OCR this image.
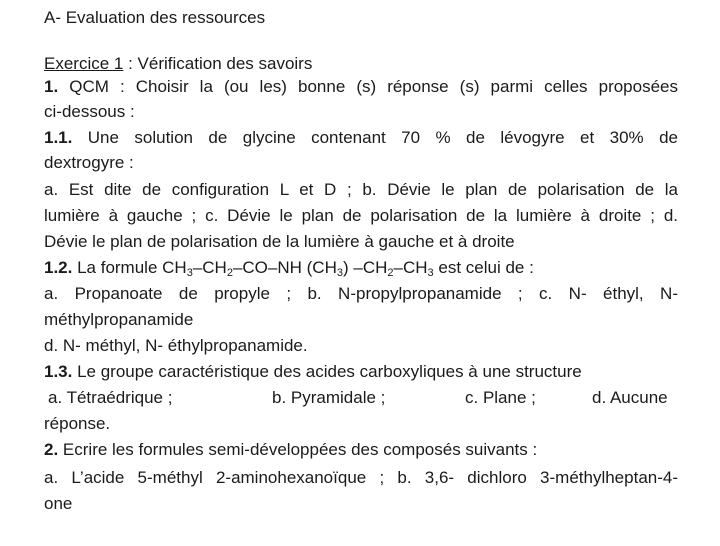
A- Evaluation des ressources
Exercice 1 : Vérification des savoirs
1. QCM : Choisir la (ou les) bonne (s) réponse (s) parmi celles proposées
ci-dessous :
1.1. Une solution de glycine contenant 70 % de lévogyre et 30% de
dextrogyre :
a. Est dite de configuration L et D ; b. Dévie le plan de polarisation de la
lumière à gauche ; c. Dévie le plan de polarisation de la lumière à droite ; d.
Dévie le plan de polarisation de la lumière à gauche et à droite
1.2. La formule $CH_3-CH_2-CO-NH$ $(CH_3)$ $-CH_2-CH_3$ est celui de :
a. Propanoate de propyle ; b. N-propylpropanamide ; c. N- éthyl, N-
méthylpropanamide
d. N- méthyl, N- éthylpropanamide.
1.3. Le groupe caractéristique des acides carboxyliques à une structure
a. Tétraédrique ;	b. Pyramidale ;	c. Plane ;	d. Aucune
réponse.
2. Ecrire les formules semi-développées des composés suivants :
a. L’acide 5-méthyl 2-aminohexanoïque ; b. 3,6- dichloro 3-méthylheptan-4-
one
